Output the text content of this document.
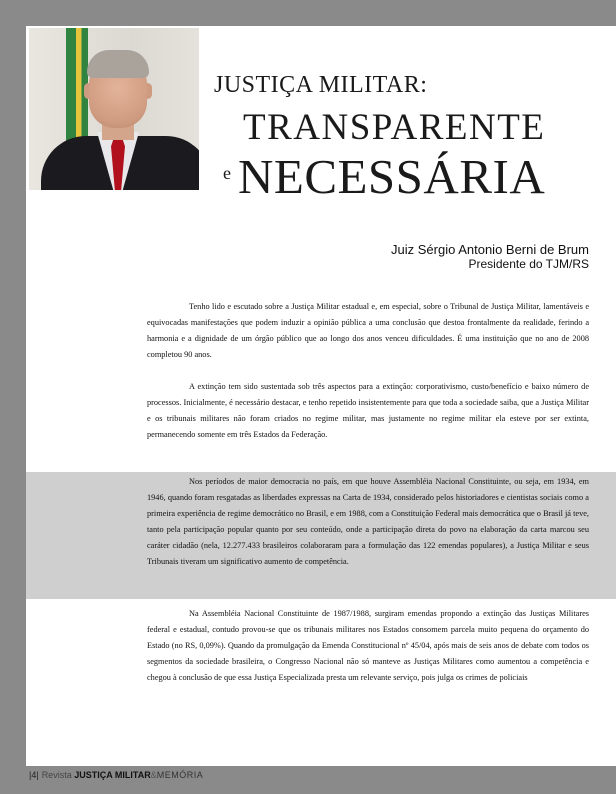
JUSTIÇA MILITAR:
TRANSPARENTE
e NECESSÁRIA
Juiz Sérgio Antonio Berni de Brum
Presidente do TJM/RS

Tenho lido e escutado sobre a Justiça Militar estadual e, em especial, sobre o Tribunal de Justiça Militar, lamentáveis e equivocadas manifestações que podem induzir a opinião pública a uma conclusão que destoa frontalmente da realidade, ferindo a harmonia e a dignidade de um órgão público que ao longo dos anos venceu dificuldades. É uma instituição que no ano de 2008 completou 90 anos.

A extinção tem sido sustentada sob três aspectos para a extinção: corporativismo, custo/benefício e baixo número de processos. Inicialmente, é necessário destacar, e tenho repetido insistentemente para que toda a sociedade saiba, que a Justiça Militar e os tribunais militares não foram criados no regime militar, mas justamente no regime militar ela esteve por ser extinta, permanecendo somente em três Estados da Federação.

Nos períodos de maior democracia no país, em que houve Assembléia Nacional Constituinte, ou seja, em 1934, em 1946, quando foram resgatadas as liberdades expressas na Carta de 1934, considerado pelos historiadores e cientistas sociais como a primeira experiência de regime democrático no Brasil, e em 1988, com a Constituição Federal mais democrática que o Brasil já teve, tanto pela participação popular quanto por seu conteúdo, onde a participação direta do povo na elaboração da carta marcou seu caráter cidadão (nela, 12.277.433 brasileiros colaboraram para a formulação das 122 emendas populares), a Justiça Militar e seus Tribunais tiveram um significativo aumento de competência.

Na Assembléia Nacional Constituinte de 1987/1988, surgiram emendas propondo a extinção das Justiças Militares federal e estadual, contudo provou-se que os tribunais militares nos Estados consomem parcela muito pequena do orçamento do Estado (no RS, 0,09%). Quando da promulgação da Emenda Constitucional nº 45/04, após mais de seis anos de debate com todos os segmentos da sociedade brasileira, o Congresso Nacional não só manteve as Justiças Militares como aumentou a competência e chegou à conclusão de que essa Justiça Especializada presta um relevante serviço, pois julga os crimes de policiais

|4| Revista JUSTIÇA MILITAR&MEMÓRIA
